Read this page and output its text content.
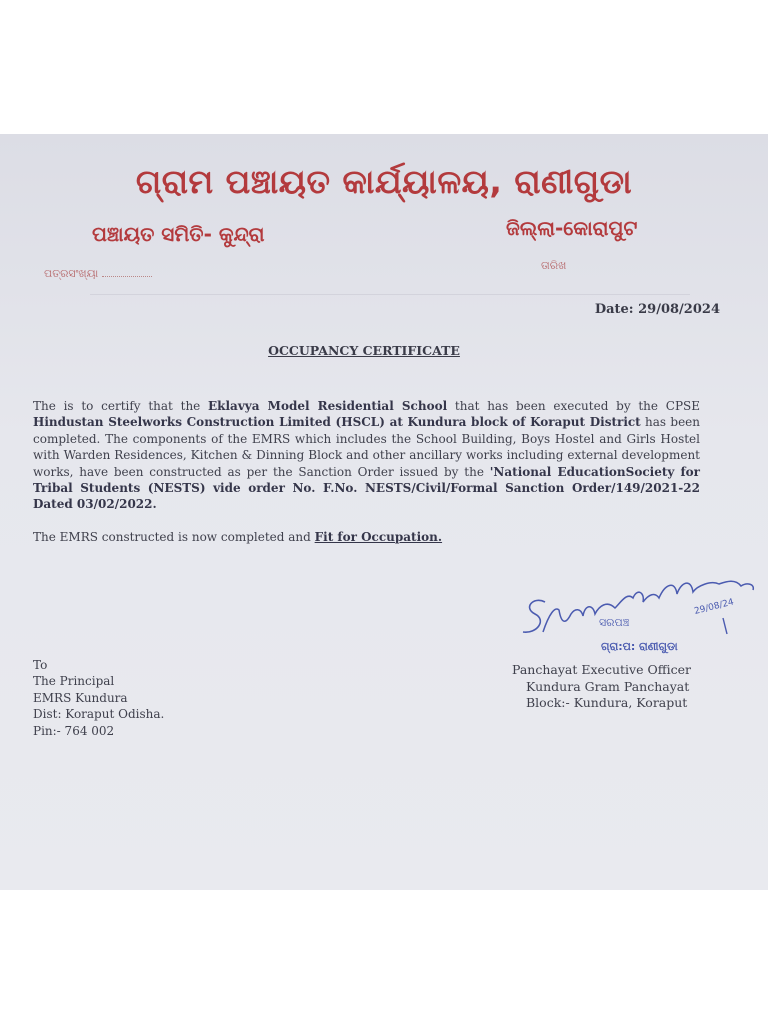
ଗ୍ରାମ ପଞ୍ଚାୟତ କାର୍ଯ୍ୟାଳୟ, ରାଣୀଗୁଡା
ପଞ୍ଚାୟତ ସମିତି- କୁନ୍ଦ୍ରା	ଜିଲ୍ଲା-କୋରାପୁଟ
ପତ୍ରସଂଖ୍ୟା
ତାରିଖ
Date: 29/08/2024
OCCUPANCY CERTIFICATE
The is to certify that the Eklavya Model Residential School that has been executed by the CPSE Hindustan Steelworks Construction Limited (HSCL) at Kundura block of Koraput District has been completed. The components of the EMRS which includes the School Building, Boys Hostel and Girls Hostel with Warden Residences, Kitchen & Dinning Block and other ancillary works including external development works, have been constructed as per the Sanction Order issued by the 'National EducationSociety for Tribal Students (NESTS) vide order No. F.No. NESTS/Civil/Formal Sanction Order/149/2021-22 Dated 03/02/2022.
The EMRS constructed is now completed and Fit for Occupation.
ସରପଞ୍ଚ
ଗ୍ରା:ପ: ରାଣୀଗୁଡା
29/08/24
To
The Principal
EMRS Kundura
Dist: Koraput Odisha.
Pin:- 764 002
Panchayat Executive Officer
Kundura Gram Panchayat
Block:- Kundura, Koraput
